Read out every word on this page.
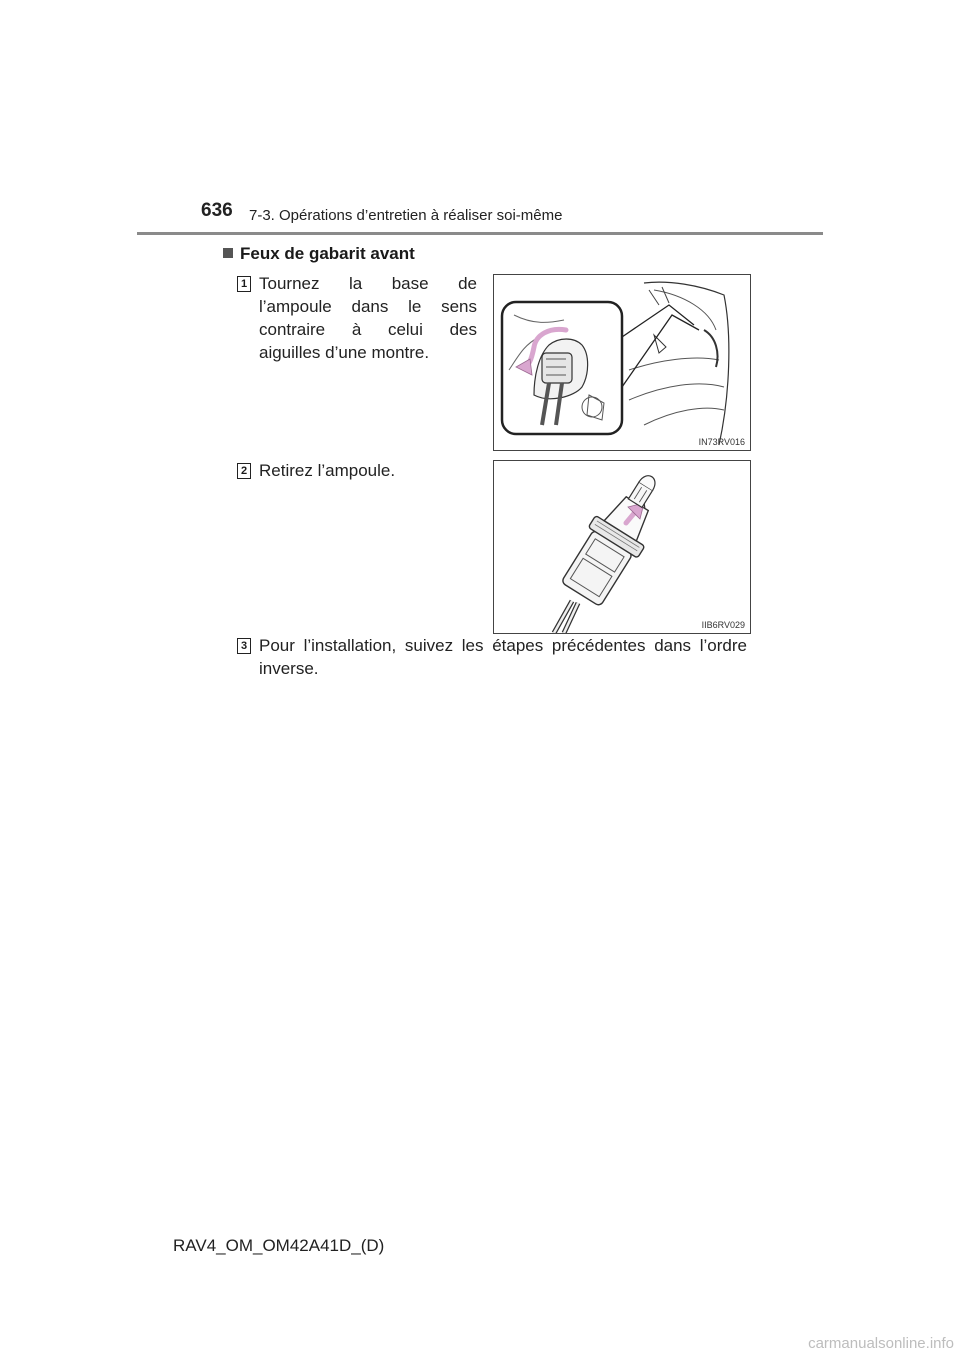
636 7-3. Opérations d’entretien à réaliser soi-même
Feux de gabarit avant
1 Tournez la base de l’ampoule dans le sens contraire à celui des aiguilles d’une montre.
IN73RV016
2 Retirez l’ampoule.
IIB6RV029
3 Pour l’installation, suivez les étapes précédentes dans l’ordre inverse.
RAV4_OM_OM42A41D_(D)
carmanualsonline.info
